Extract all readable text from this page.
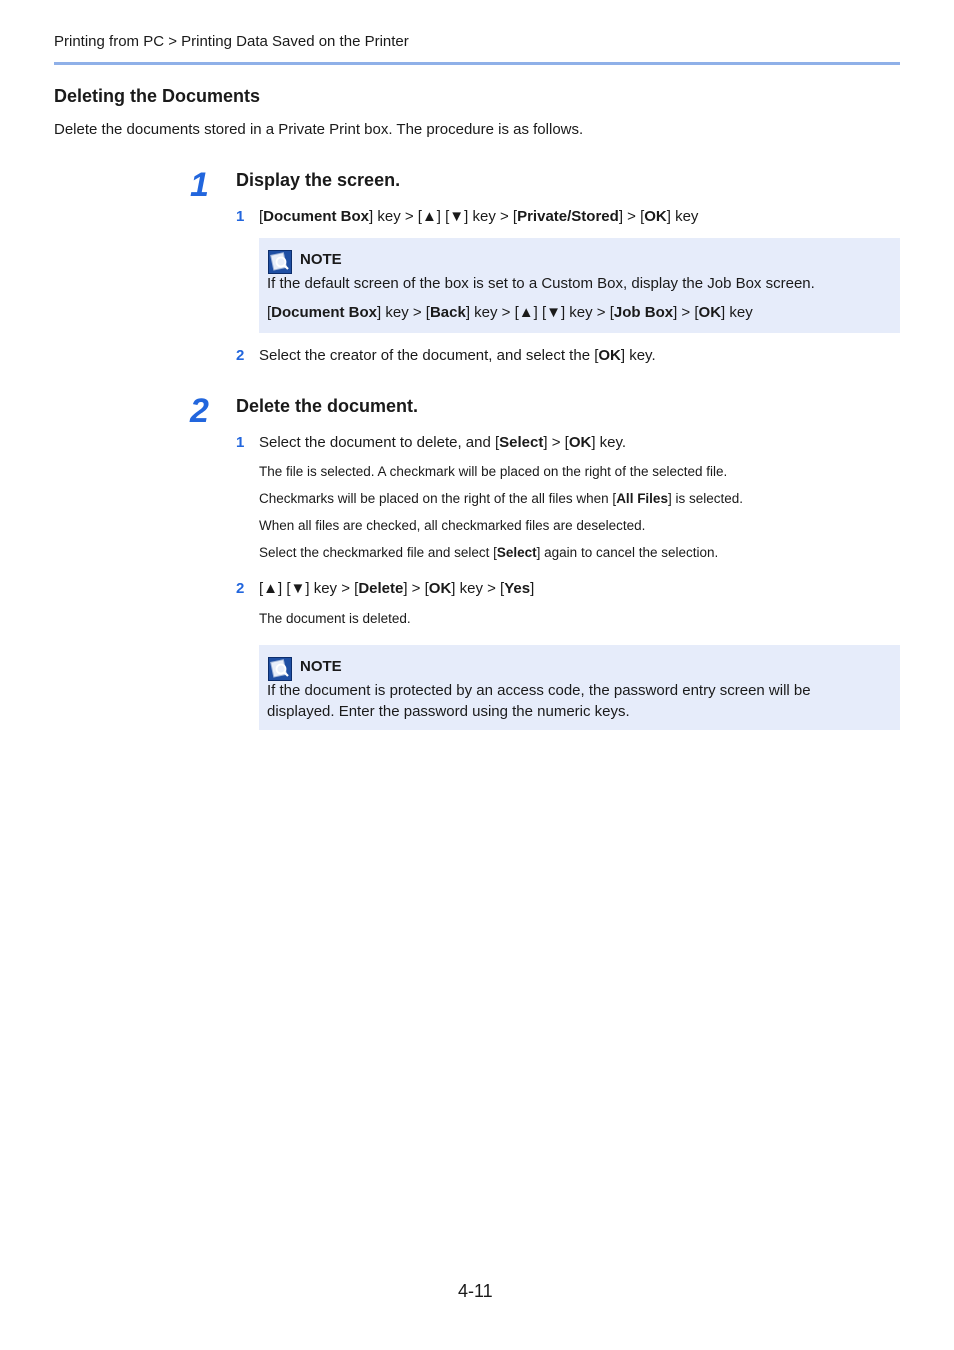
Printing from PC > Printing Data Saved on the Printer
Deleting the Documents
Delete the documents stored in a Private Print box. The procedure is as follows.
1 Display the screen.
1 [Document Box] key > [▲] [▼] key > [Private/Stored] > [OK] key
NOTE
If the default screen of the box is set to a Custom Box, display the Job Box screen.
[Document Box] key > [Back] key > [▲] [▼] key > [Job Box] > [OK] key
2 Select the creator of the document, and select the [OK] key.
2 Delete the document.
1 Select the document to delete, and [Select] > [OK] key.
The file is selected. A checkmark will be placed on the right of the selected file.
Checkmarks will be placed on the right of the all files when [All Files] is selected.
When all files are checked, all checkmarked files are deselected.
Select the checkmarked file and select [Select] again to cancel the selection.
2 [▲] [▼] key > [Delete] > [OK] key > [Yes]
The document is deleted.
NOTE
If the document is protected by an access code, the password entry screen will be
displayed. Enter the password using the numeric keys.
4-11
